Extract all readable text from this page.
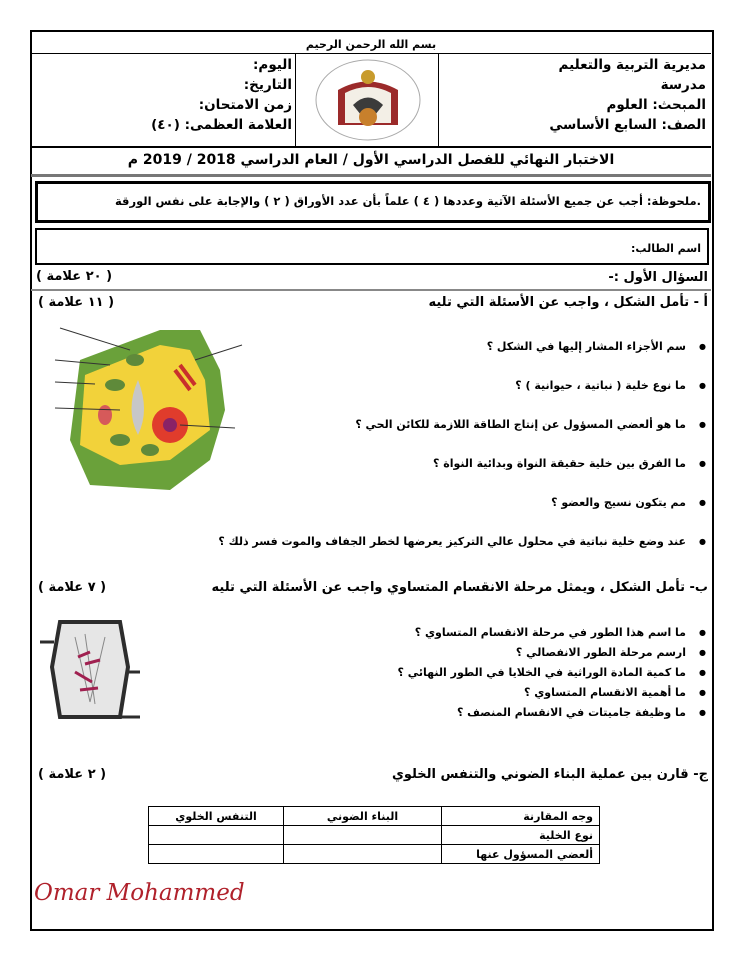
بسم الله الرحمن الرحيم
مديرية التربية والتعليم
مدرسة
المبحث: العلوم
الصف: السابع الأساسي
اليوم:
التاريخ:
زمن الامتحان:
العلامة العظمى: (٤٠)
الاختبار النهائي للفصل الدراسي الأول / العام الدراسي 2018 / 2019 م
.ملحوظة: أجب عن جميع الأسئلة الآتية وعددها ( ٤ ) علماً بأن عدد الأوراق ( ٢ ) والإجابة على نفس الورقة
اسم الطالب:
السؤال الأول :-
( ٢٠ علامة )
أ - تأمل الشكل ، واجب عن الأسئلة التي تليه
( ١١ علامة )
● سم الأجزاء المشار إليها في الشكل ؟
● ما نوع خلية ( نباتية ، حيوانية ) ؟
● ما هو ألعضي المسؤول عن إنتاج الطاقة اللازمة للكائن الحي ؟
● ما الفرق بين خلية حقيقة النواة وبدائية النواة ؟
● مم يتكون نسيج والعضو ؟
● عند وضع خلية نباتية في محلول عالي التركيز يعرضها لخطر الجفاف والموت فسر ذلك ؟
ب- تأمل الشكل ، ويمثل مرحلة الانقسام المتساوي واجب عن الأسئلة التي تليه
( ٧ علامة )
● ما اسم هذا الطور في مرحلة الانقسام المتساوي ؟
● ارسم مرحلة الطور الانفصالي ؟
● ما كمية المادة الوراثية في الخلايا في الطور النهائي ؟
● ما أهمية الانقسام المتساوي ؟
● ما وظيفة جاميتات في الانقسام المنصف ؟
ج- قارن بين عملية البناء الضوني والتنفس الخلوي
( ٢ علامة )
وجه المقارنة	البناء الضوني	التنفس الخلوي
نوع الخلية		
ألعضي المسؤول عنها		
Omar Mohammed
